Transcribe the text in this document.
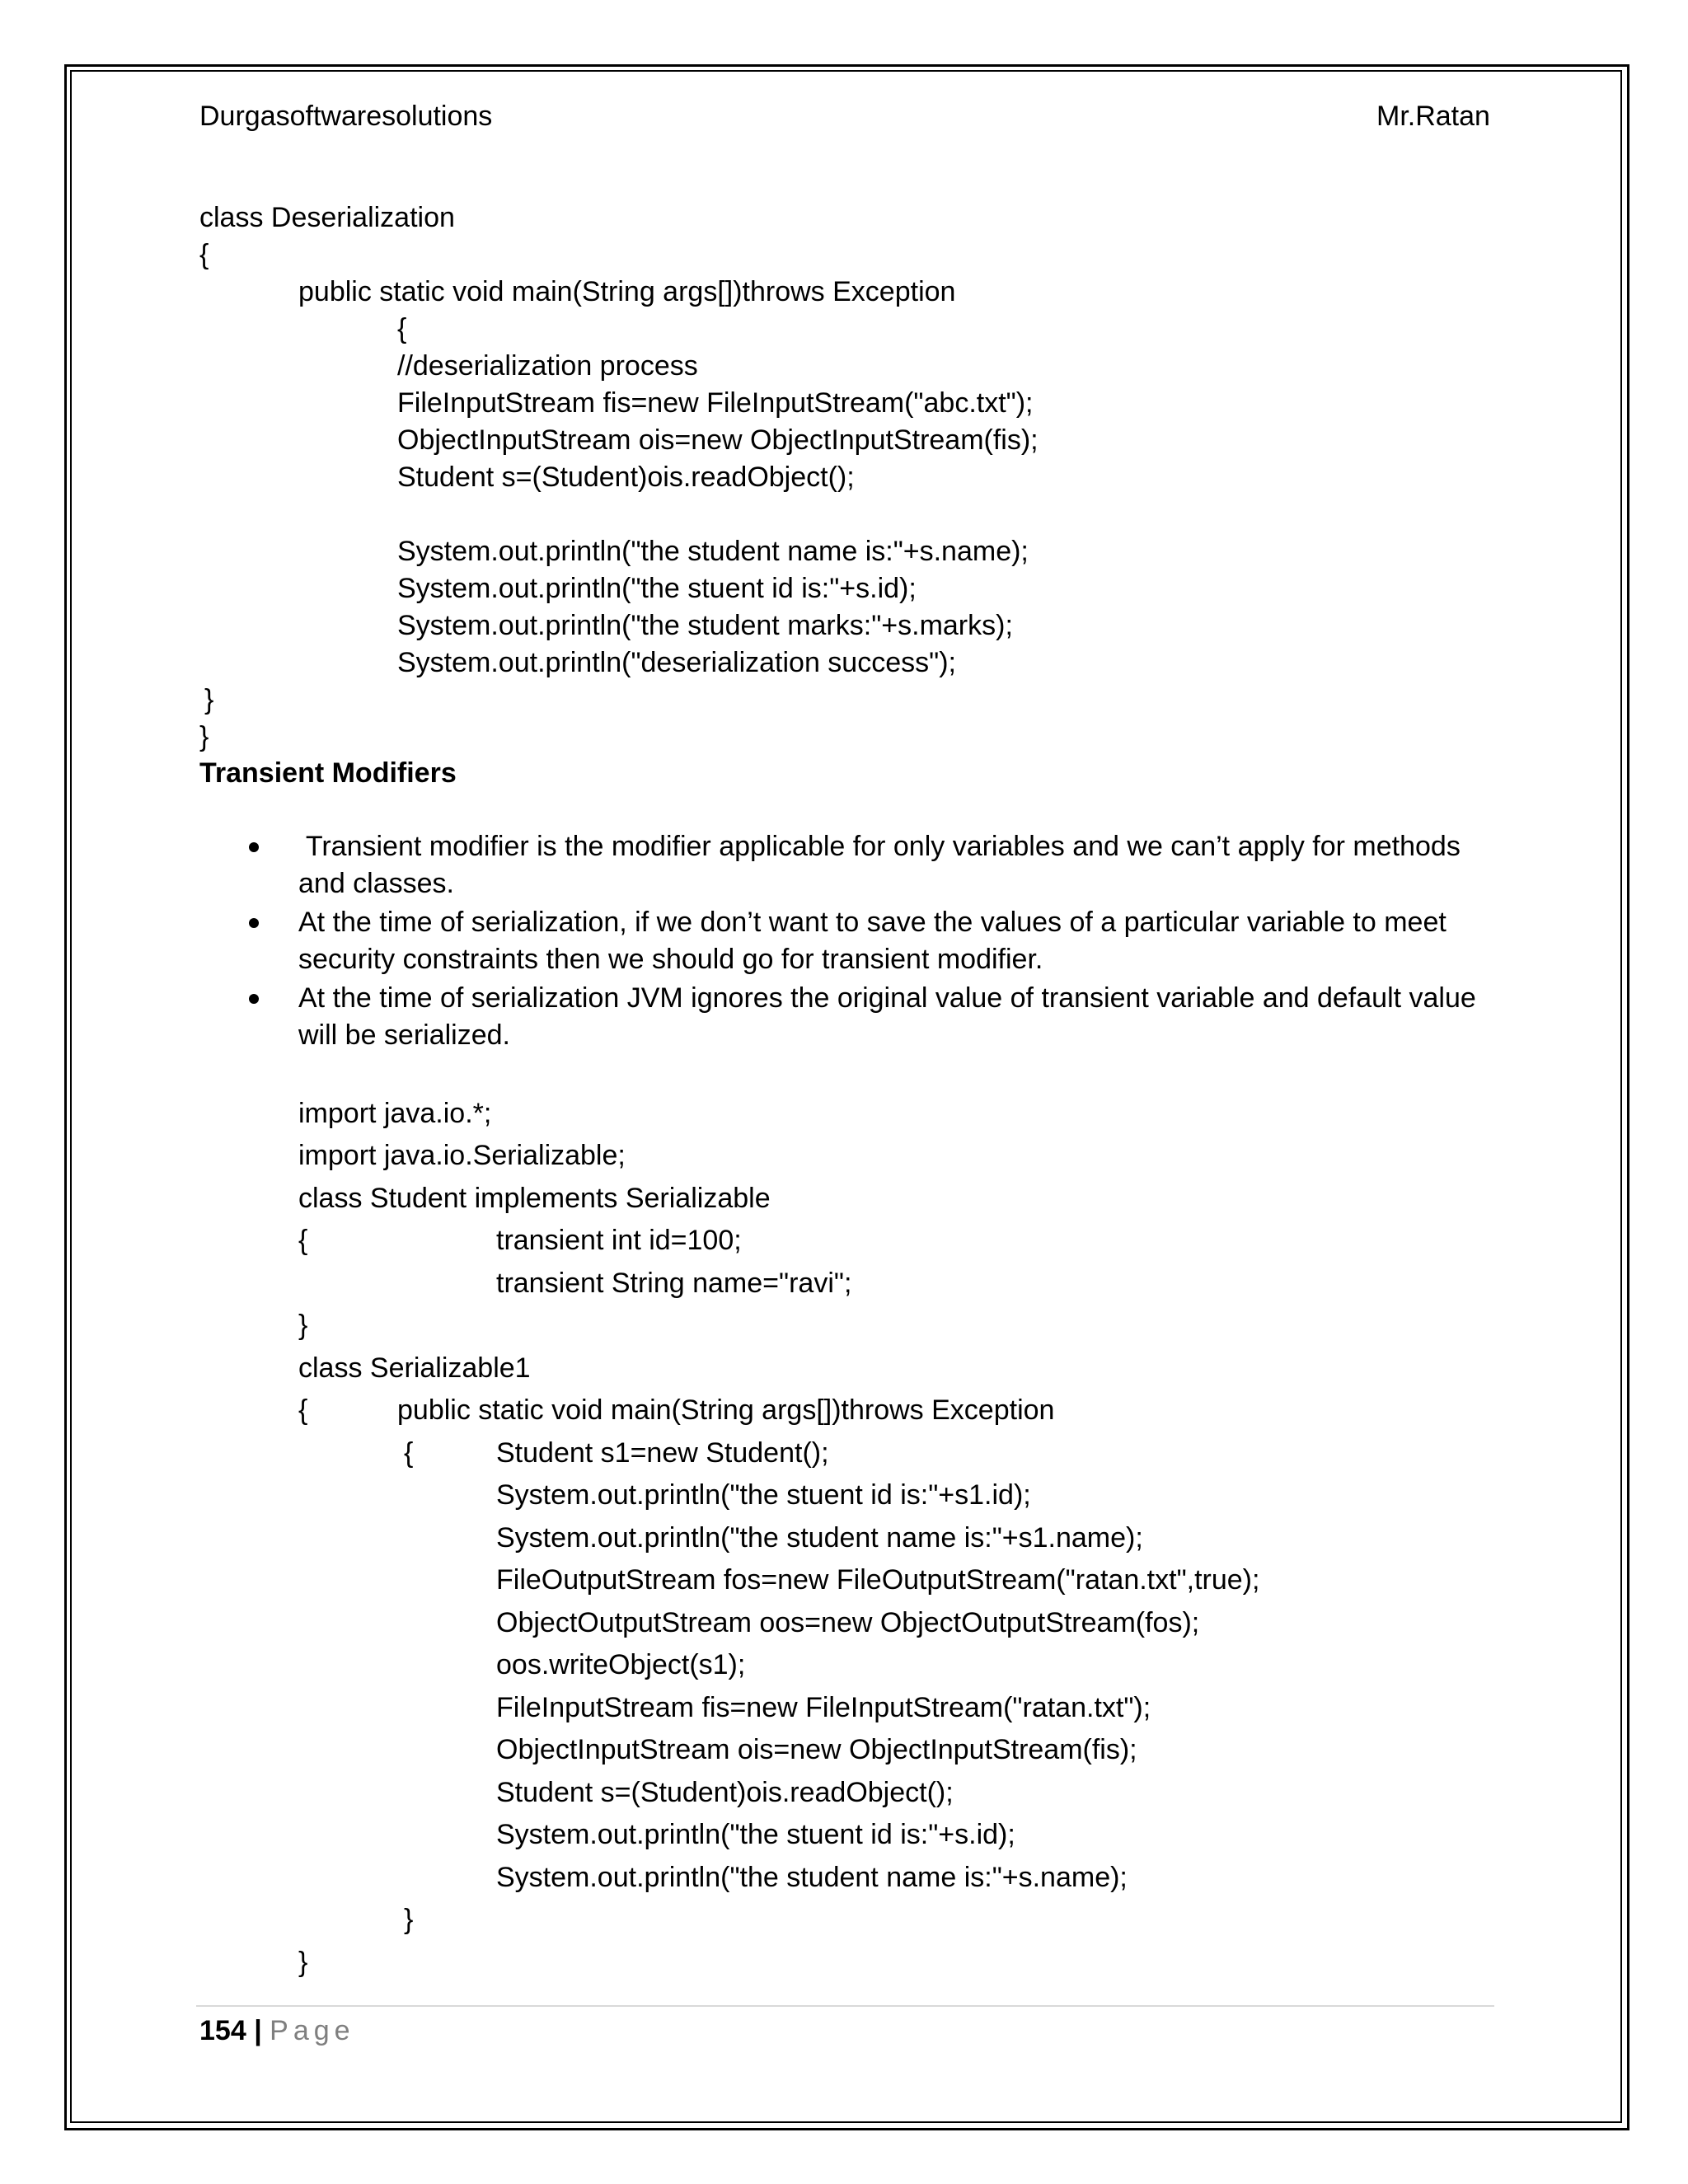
Durgasoftwaresolutions	Mr.Ratan
class Deserialization
{
public static void main(String args[])throws Exception
{
//deserialization process
FileInputStream fis=new FileInputStream("abc.txt");
ObjectInputStream ois=new ObjectInputStream(fis);
Student s=(Student)ois.readObject();
System.out.println("the student name is:"+s.name);
System.out.println("the stuent id is:"+s.id);
System.out.println("the student marks:"+s.marks);
System.out.println("deserialization success");
}
}
Transient Modifiers
Transient modifier is the modifier applicable for only variables and we can’t apply for methods
and classes.
At the time of serialization, if we don’t want to save the values of a particular variable to meet
security constraints then we should go for transient modifier.
At the time of serialization JVM ignores the original value of transient variable and default value
will be serialized.
import java.io.*;
import java.io.Serializable;
class Student implements Serializable
{	transient int id=100;
transient String name="ravi";
}
class Serializable1
{	public static void main(String args[])throws Exception
{	Student s1=new Student();
System.out.println("the stuent id is:"+s1.id);
System.out.println("the student name is:"+s1.name);
FileOutputStream fos=new FileOutputStream("ratan.txt",true);
ObjectOutputStream oos=new ObjectOutputStream(fos);
oos.writeObject(s1);
FileInputStream fis=new FileInputStream("ratan.txt");
ObjectInputStream ois=new ObjectInputStream(fis);
Student s=(Student)ois.readObject();
System.out.println("the stuent id is:"+s.id);
System.out.println("the student name is:"+s.name);
}
}
154 | Page
